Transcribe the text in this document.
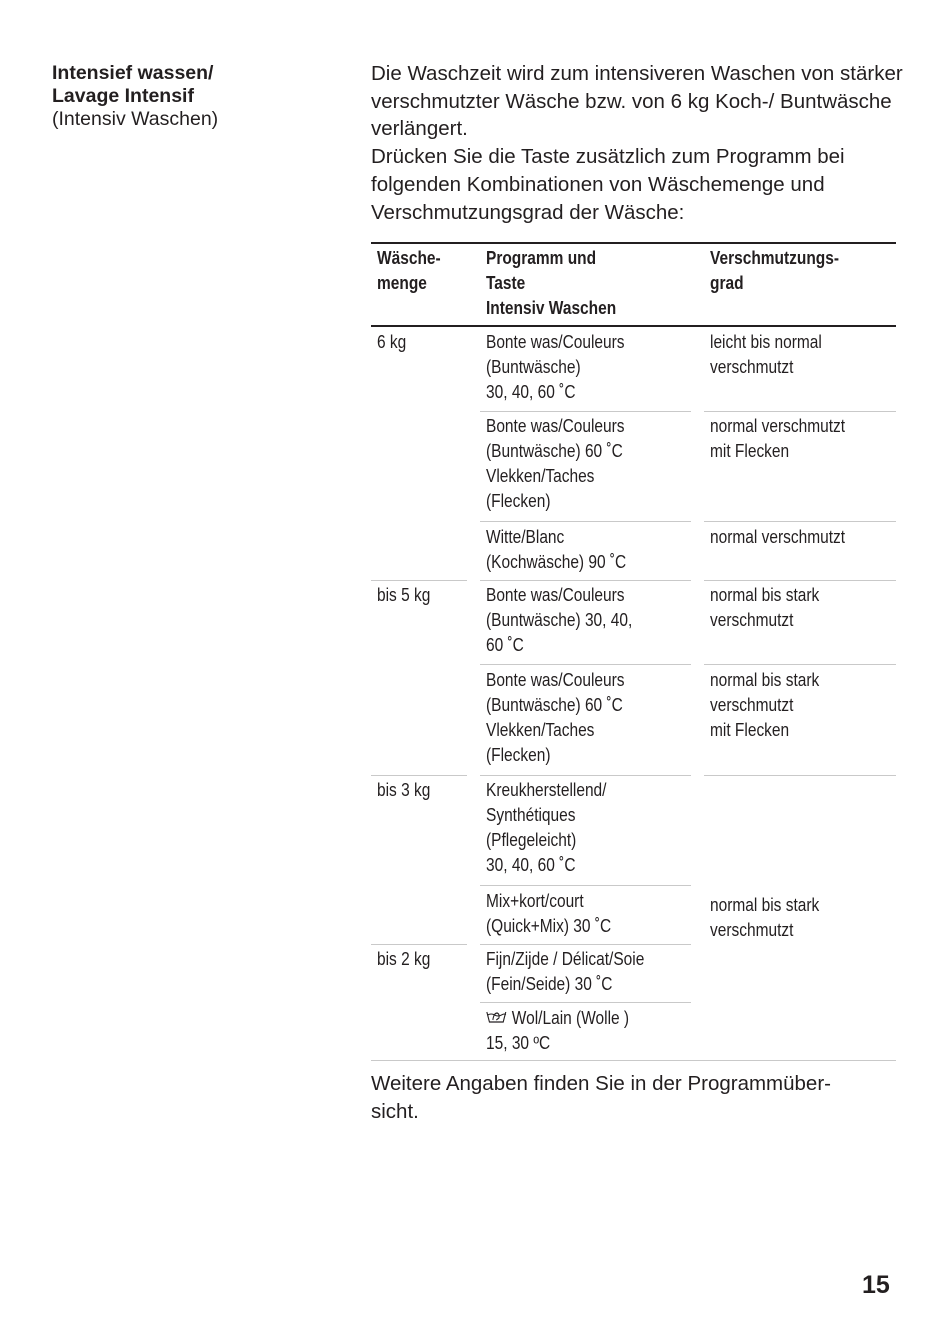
Intensief wassen/
Lavage Intensif
(Intensiv Waschen)

Die Waschzeit wird zum intensiveren Waschen von stärker verschmutzter Wäsche bzw. von 6 kg Koch-/ Buntwäsche verlängert.

Drücken Sie die Taste zusätzlich zum Programm bei folgenden Kombinationen von Wäschemenge und Verschmutzungsgrad der Wäsche:

Wäsche-
menge
Programm und
Taste
Intensiv Waschen
Verschmutzungs-
grad
6 kg
bis 5 kg
bis 3 kg
bis 2 kg
Bonte was/Couleurs
(Buntwäsche)
30, 40, 60 ˚C
Bonte was/Couleurs
(Buntwäsche) 60 ˚C
Vlekken/Taches
(Flecken)
Witte/Blanc
(Kochwäsche) 90 ˚C
Bonte was/Couleurs
(Buntwäsche) 30, 40,
60 ˚C
Bonte was/Couleurs
(Buntwäsche) 60 ˚C
Vlekken/Taches
(Flecken)
Kreukherstellend/
Synthétiques
(Pflegeleicht)
30, 40, 60 ˚C
Mix+kort/court
(Quick+Mix) 30 ˚C
Fijn/Zijde / Délicat/Soie
(Fein/Seide) 30 ˚C
Wol/Lain (Wolle )
15, 30 ºC
leicht bis normal
verschmutzt
normal verschmutzt
mit Flecken
normal verschmutzt
normal bis stark
verschmutzt
normal bis stark
verschmutzt
mit Flecken
normal bis stark
verschmutzt
Weitere Angaben finden Sie in der Programmüber-
sicht.
15
